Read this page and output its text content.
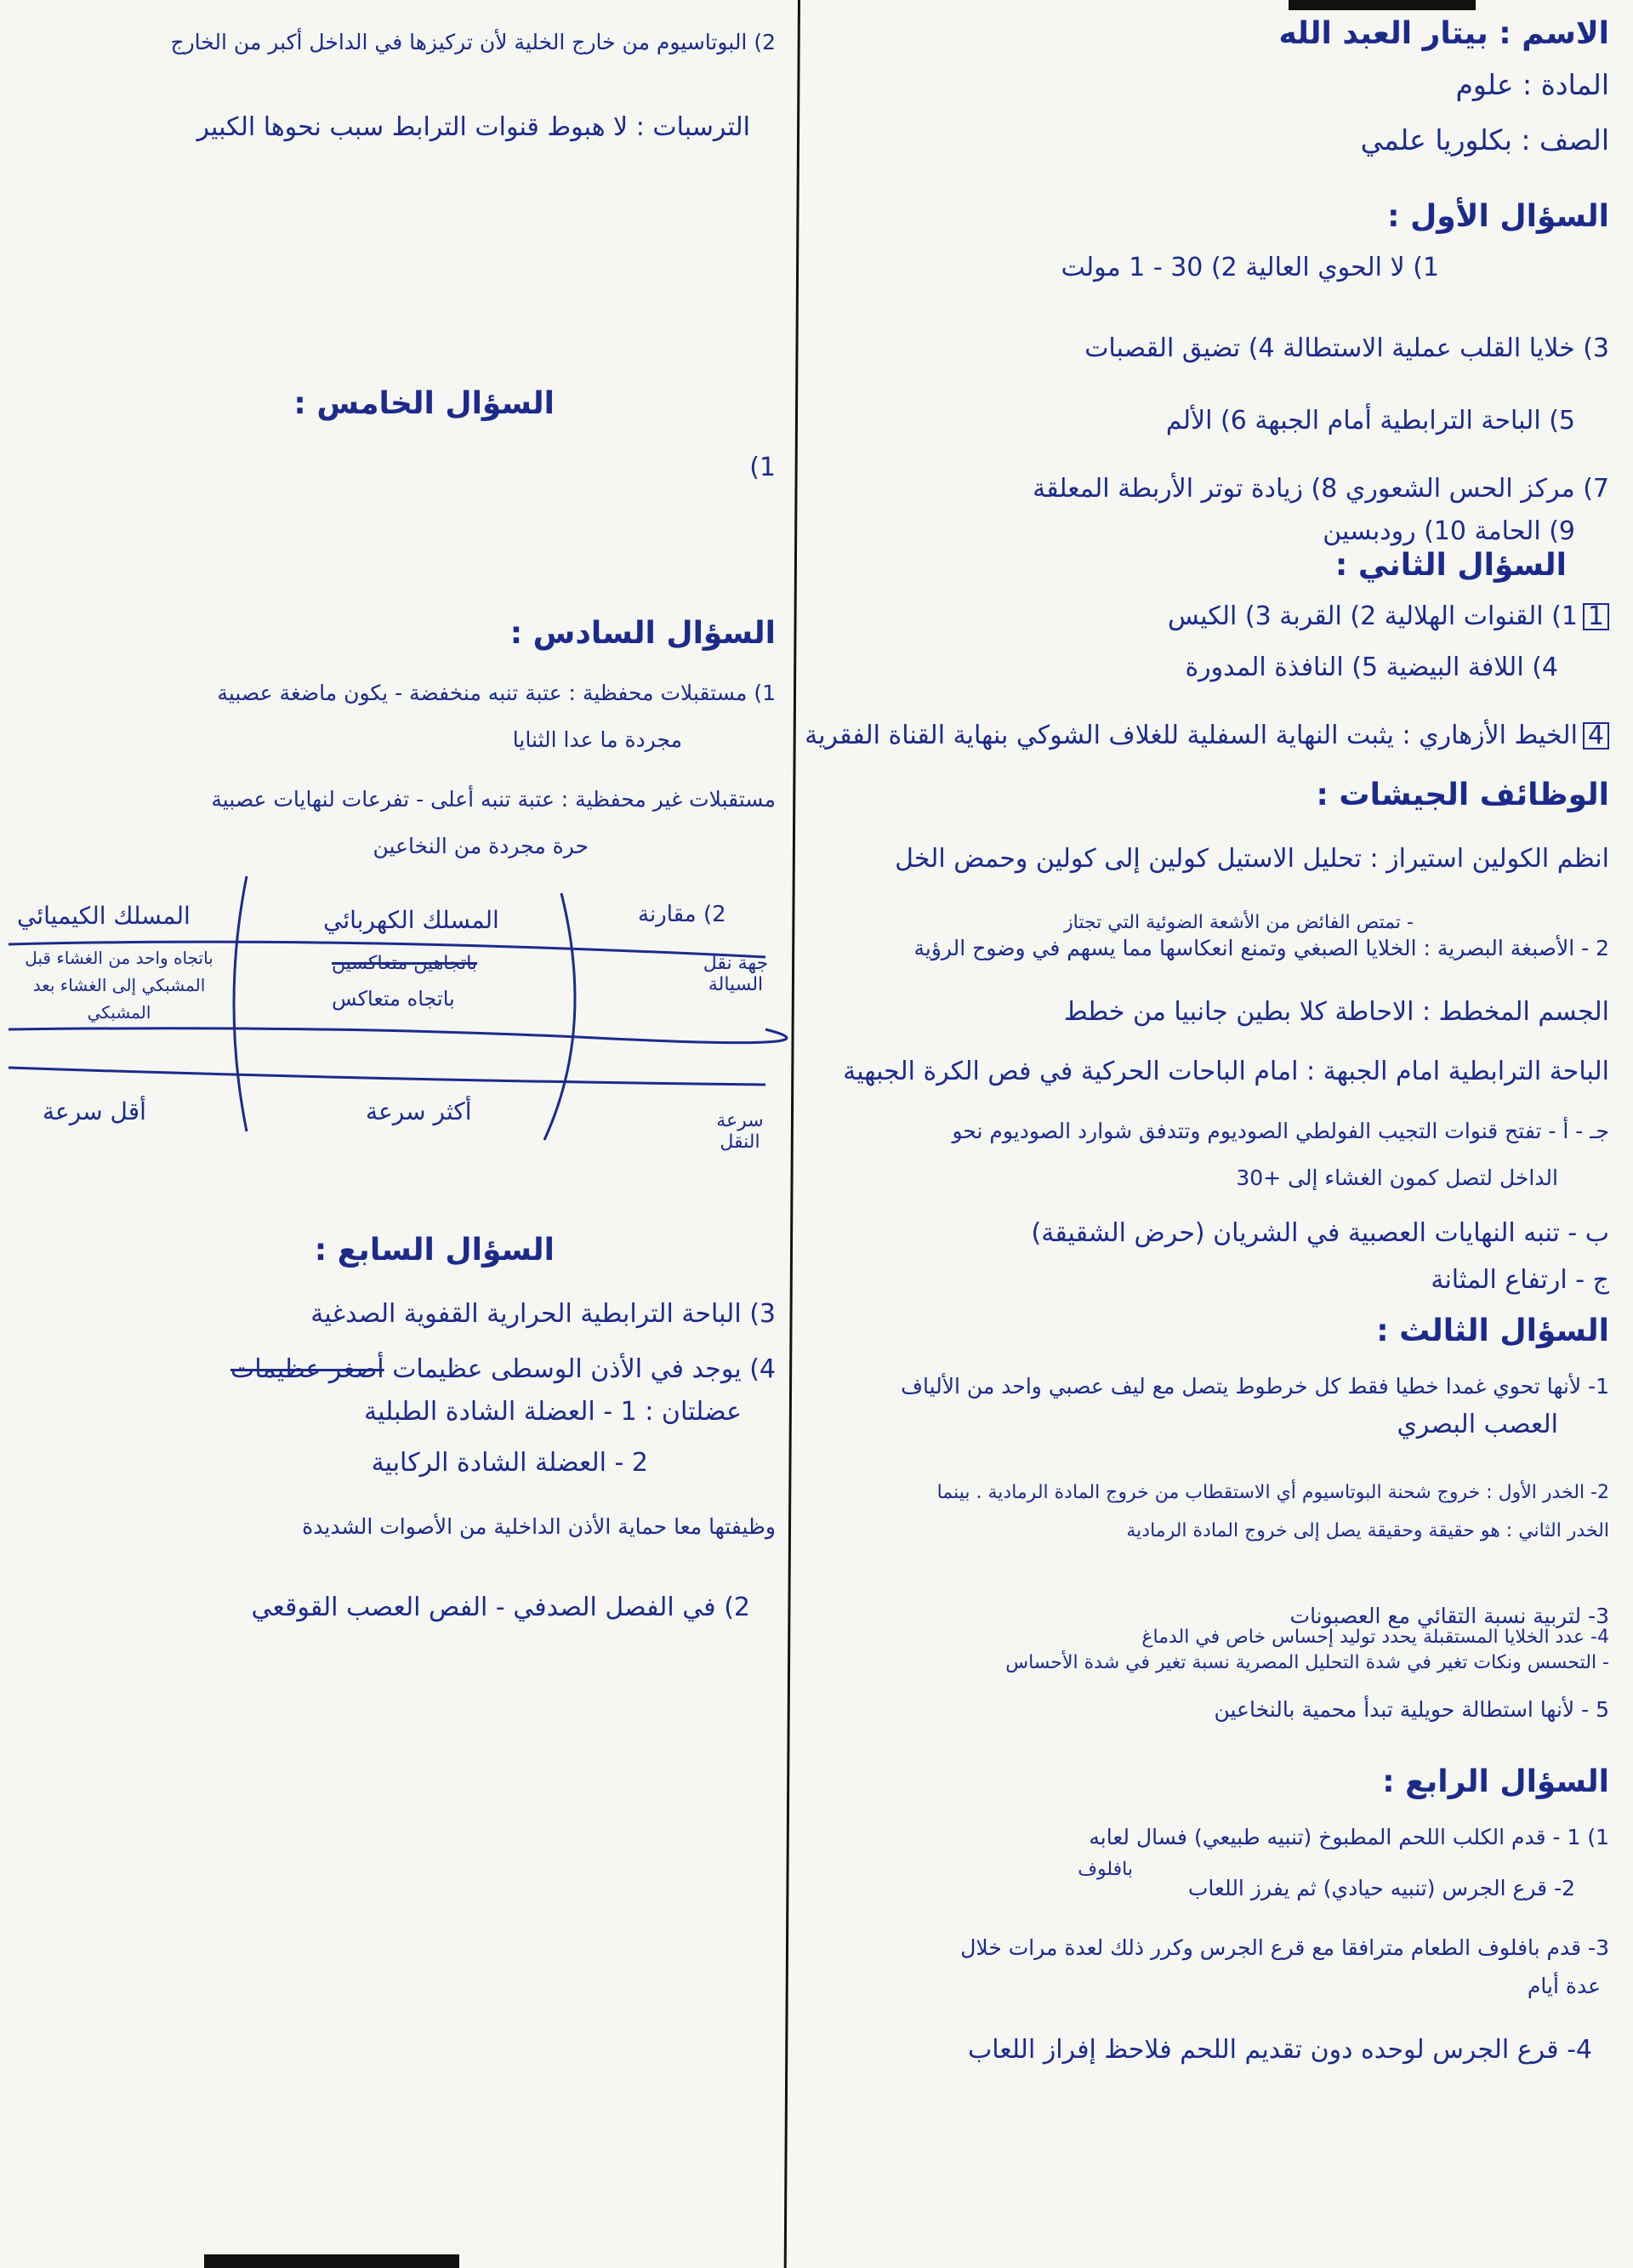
الاسم : بيتار العبد الله
المادة : علوم
الصف : بكلوريا علمي
السؤال الأول :
1) لا الحوي العالية 2) 30 - 1 مولت
3) خلايا القلب عملية الاستطالة 4) تضيق القصبات
5) الباحة الترابطية أمام الجبهة 6) الألم
7) مركز الحس الشعوري 8) زيادة توتر الأربطة المعلقة
9) الحامة 10) رودبسين
السؤال الثاني :
11) القنوات الهلالية 2) القربة 3) الكيس
4) اللافة البيضية 5) النافذة المدورة
4الخيط الأزهاري : يثبت النهاية السفلية للغلاف الشوكي بنهاية القناة الفقرية
الوظائف الجيشات :
انظم الكولين استيراز : تحليل الاستيل كولين إلى كولين وحمض الخل
- تمتص الفائض من الأشعة الضوئية التي تجتاز
2 - الأصبغة البصرية : الخلايا الصبغي وتمنع انعكاسها مما يسهم في وضوح الرؤية
الجسم المخطط : الاحاطة كلا بطين جانبيا من خطط
الباحة الترابطية امام الجبهة : امام الباحات الحركية في فص الكرة الجبهية
جـ - أ - تفتح قنوات التجيب الفولطي الصوديوم وتتدفق شوارد الصوديوم نحو
الداخل لتصل كمون الغشاء إلى +30
ب - تنبه النهايات العصبية في الشريان (حرض الشقيقة)
ج - ارتفاع المثانة
السؤال الثالث :
1- لأنها تحوي غمدا خطيا فقط كل خرطوط يتصل مع ليف عصبي واحد من الألياف
العصب البصري
2- الخدر الأول : خروج شحنة البوتاسيوم أي الاستقطاب من خروج المادة الرمادية . بينما
الخدر الثاني : هو حقيقة وحقيقة يصل إلى خروج المادة الرمادية
3- لتربية نسبة التقائي مع العصبونات
4- عدد الخلايا المستقبلة يحدد توليد إحساس خاص في الدماغ
- التحسس ونكات تغير في شدة التحليل المصرية نسبة تغير في شدة الأحساس
5 - لأنها استطالة حويلية تبدأ محمية بالنخاعين
السؤال الرابع :
1) 1 - قدم الكلب اللحم المطبوخ (تنبيه طبيعي) فسال لعابه
بافلوف
2- قرع الجرس (تنبيه حيادي) ثم يفرز اللعاب
3- قدم بافلوف الطعام مترافقا مع قرع الجرس وكرر ذلك لعدة مرات خلال
عدة أيام
4- قرع الجرس لوحده دون تقديم اللحم فلاحظ إفراز اللعاب
2) البوتاسيوم من خارج الخلية لأن تركيزها في الداخل أكبر من الخارج
الترسبات : لا هبوط قنوات الترابط سبب نحوها الكبير
السؤال الخامس :
1)
السؤال السادس :
1) مستقبلات محفظية : عتبة تنبه منخفضة - يكون ماضغة عصبية
مجردة ما عدا الثنايا
مستقبلات غير محفظية : عتبة تنبه أعلى - تفرعات لنهايات عصبية
حرة مجردة من النخاعين
2) مقارنة
المسلك الكهربائي
المسلك الكيميائي
جهة نقل السيالة
باتجاهين متعاكسين
باتجاه متعاكس
باتجاه واحد من الغشاء قبل المشبكي إلى الغشاء بعد المشبكي
سرعة النقل
أكثر سرعة
أقل سرعة
السؤال السابع :
3) الباحة الترابطية الحرارية القفوية الصدغية
4) يوجد في الأذن الوسطى عظيمات أصغر عظيمات
عضلتان : 1 - العضلة الشادة الطبلية
2 - العضلة الشادة الركابية
وظيفتها معا حماية الأذن الداخلية من الأصوات الشديدة
2) في الفصل الصدفي - الفص العصب القوقعي
